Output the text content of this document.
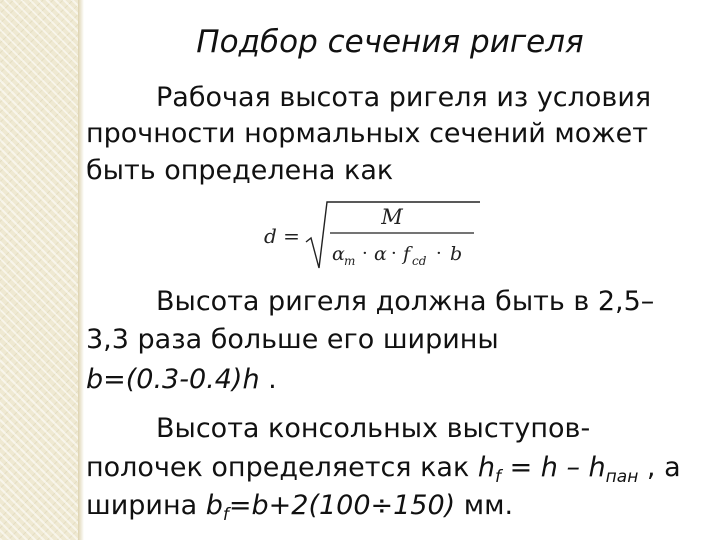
Подбор сечения ригеля
Рабочая высота ригеля из условия
прочности нормальных сечений может
быть определена как
d =
M
α m · α · f cd · b
Высота ригеля должна быть в 2,5–
3,3 раза больше его ширины
b=(0.3-0.4)h .
Высота консольных выступов-
полочек определяется как $h_f = h - h_{пан}$ , а
ширина $b_f=b+2(100\div 150)$ мм.
